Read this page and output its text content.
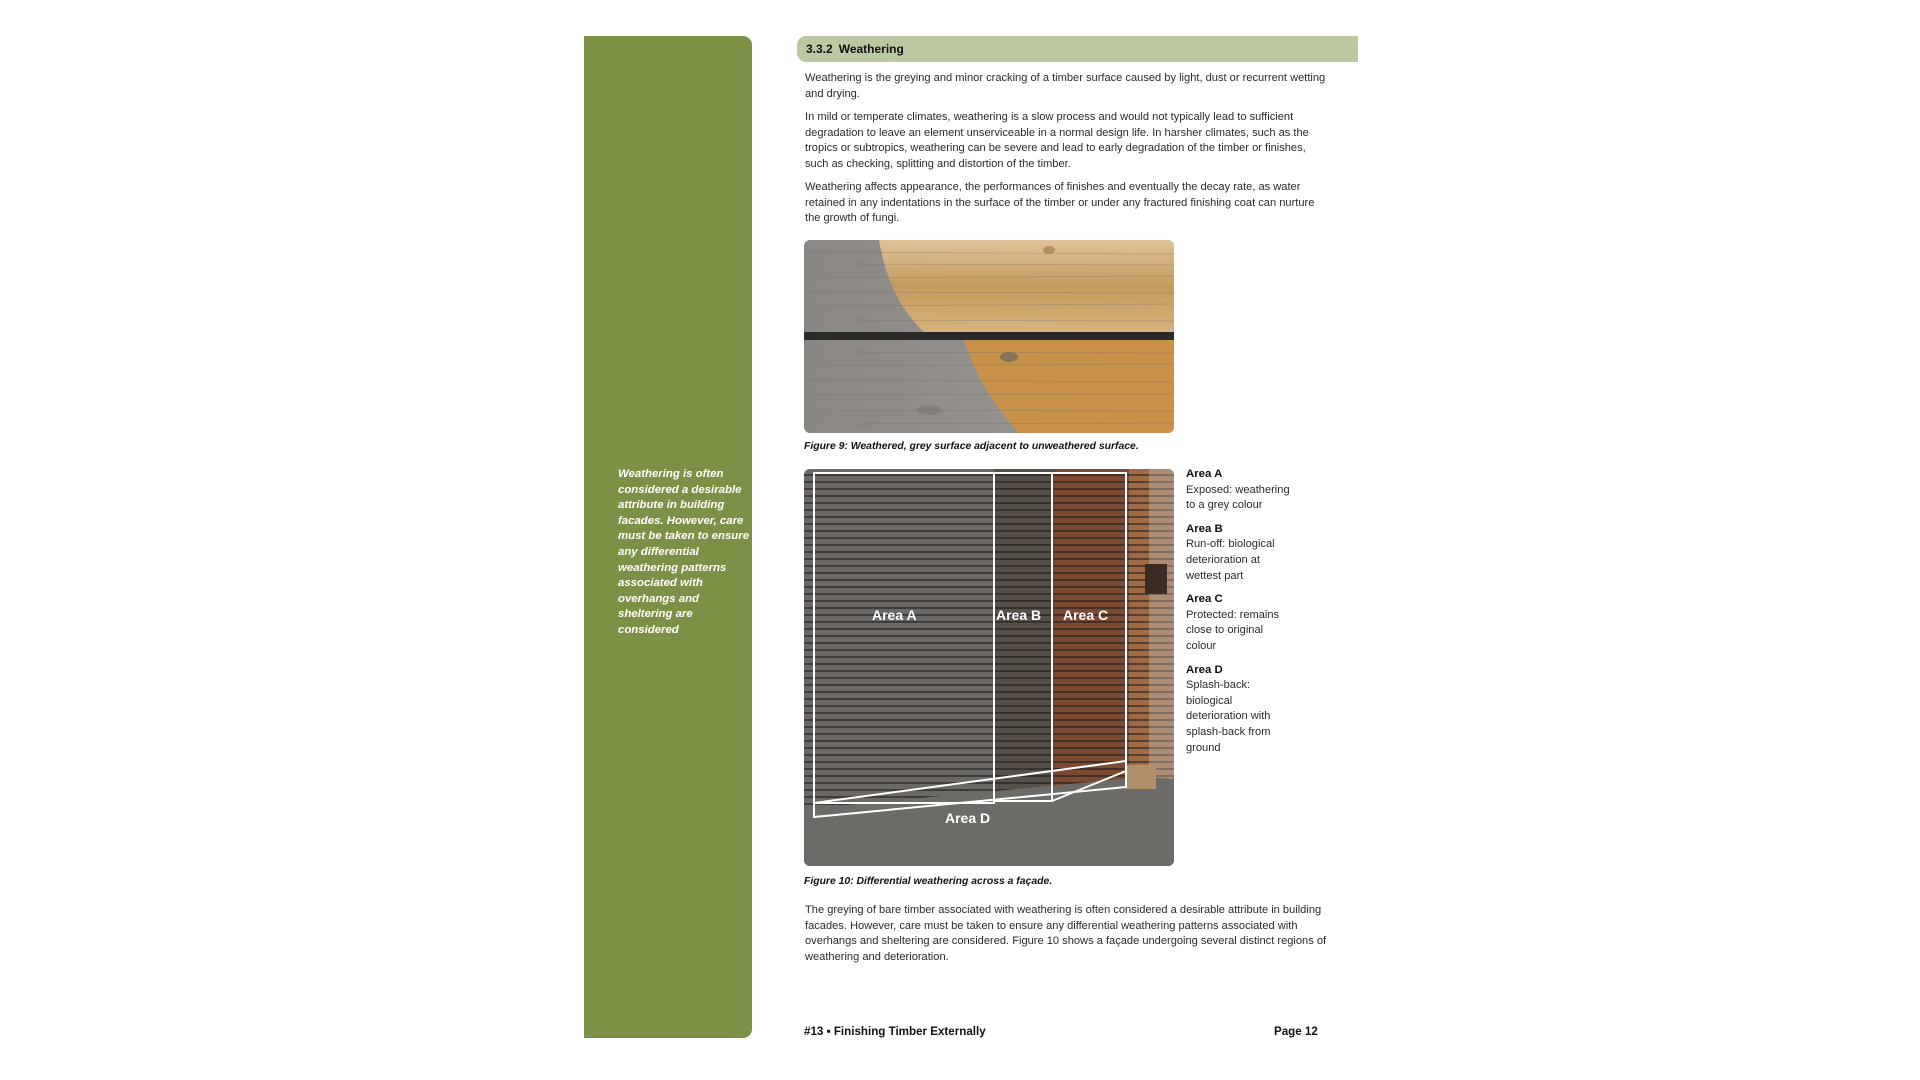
Weathering is often considered a desirable attribute in building facades. However, care must be taken to ensure any differential weathering patterns associated with overhangs and sheltering are considered

3.3.2 Weathering

Weathering is the greying and minor cracking of a timber surface caused by light, dust or recurrent wetting and drying.

In mild or temperate climates, weathering is a slow process and would not typically lead to sufficient degradation to leave an element unserviceable in a normal design life. In harsher climates, such as the tropics or subtropics, weathering can be severe and lead to early degradation of the timber or finishes, such as checking, splitting and distortion of the timber.

Weathering affects appearance, the performances of finishes and eventually the decay rate, as water retained in any indentations in the surface of the timber or under any fractured finishing coat can nurture the growth of fungi.

Figure 9: Weathered, grey surface adjacent to unweathered surface.

Area A	Area B Area C
Area D

Figure 10: Differential weathering across a façade.

Area A
Exposed: weathering to a grey colour
Area B
Run-off: biological deterioration at wettest part
Area C
Protected: remains close to original colour
Area D
Splash-back: biological deterioration with splash-back from ground

The greying of bare timber associated with weathering is often considered a desirable attribute in building facades. However, care must be taken to ensure any differential weathering patterns associated with overhangs and sheltering are considered. Figure 10 shows a façade undergoing several distinct regions of weathering and deterioration.

#13 • Finishing Timber Externally	Page 12
